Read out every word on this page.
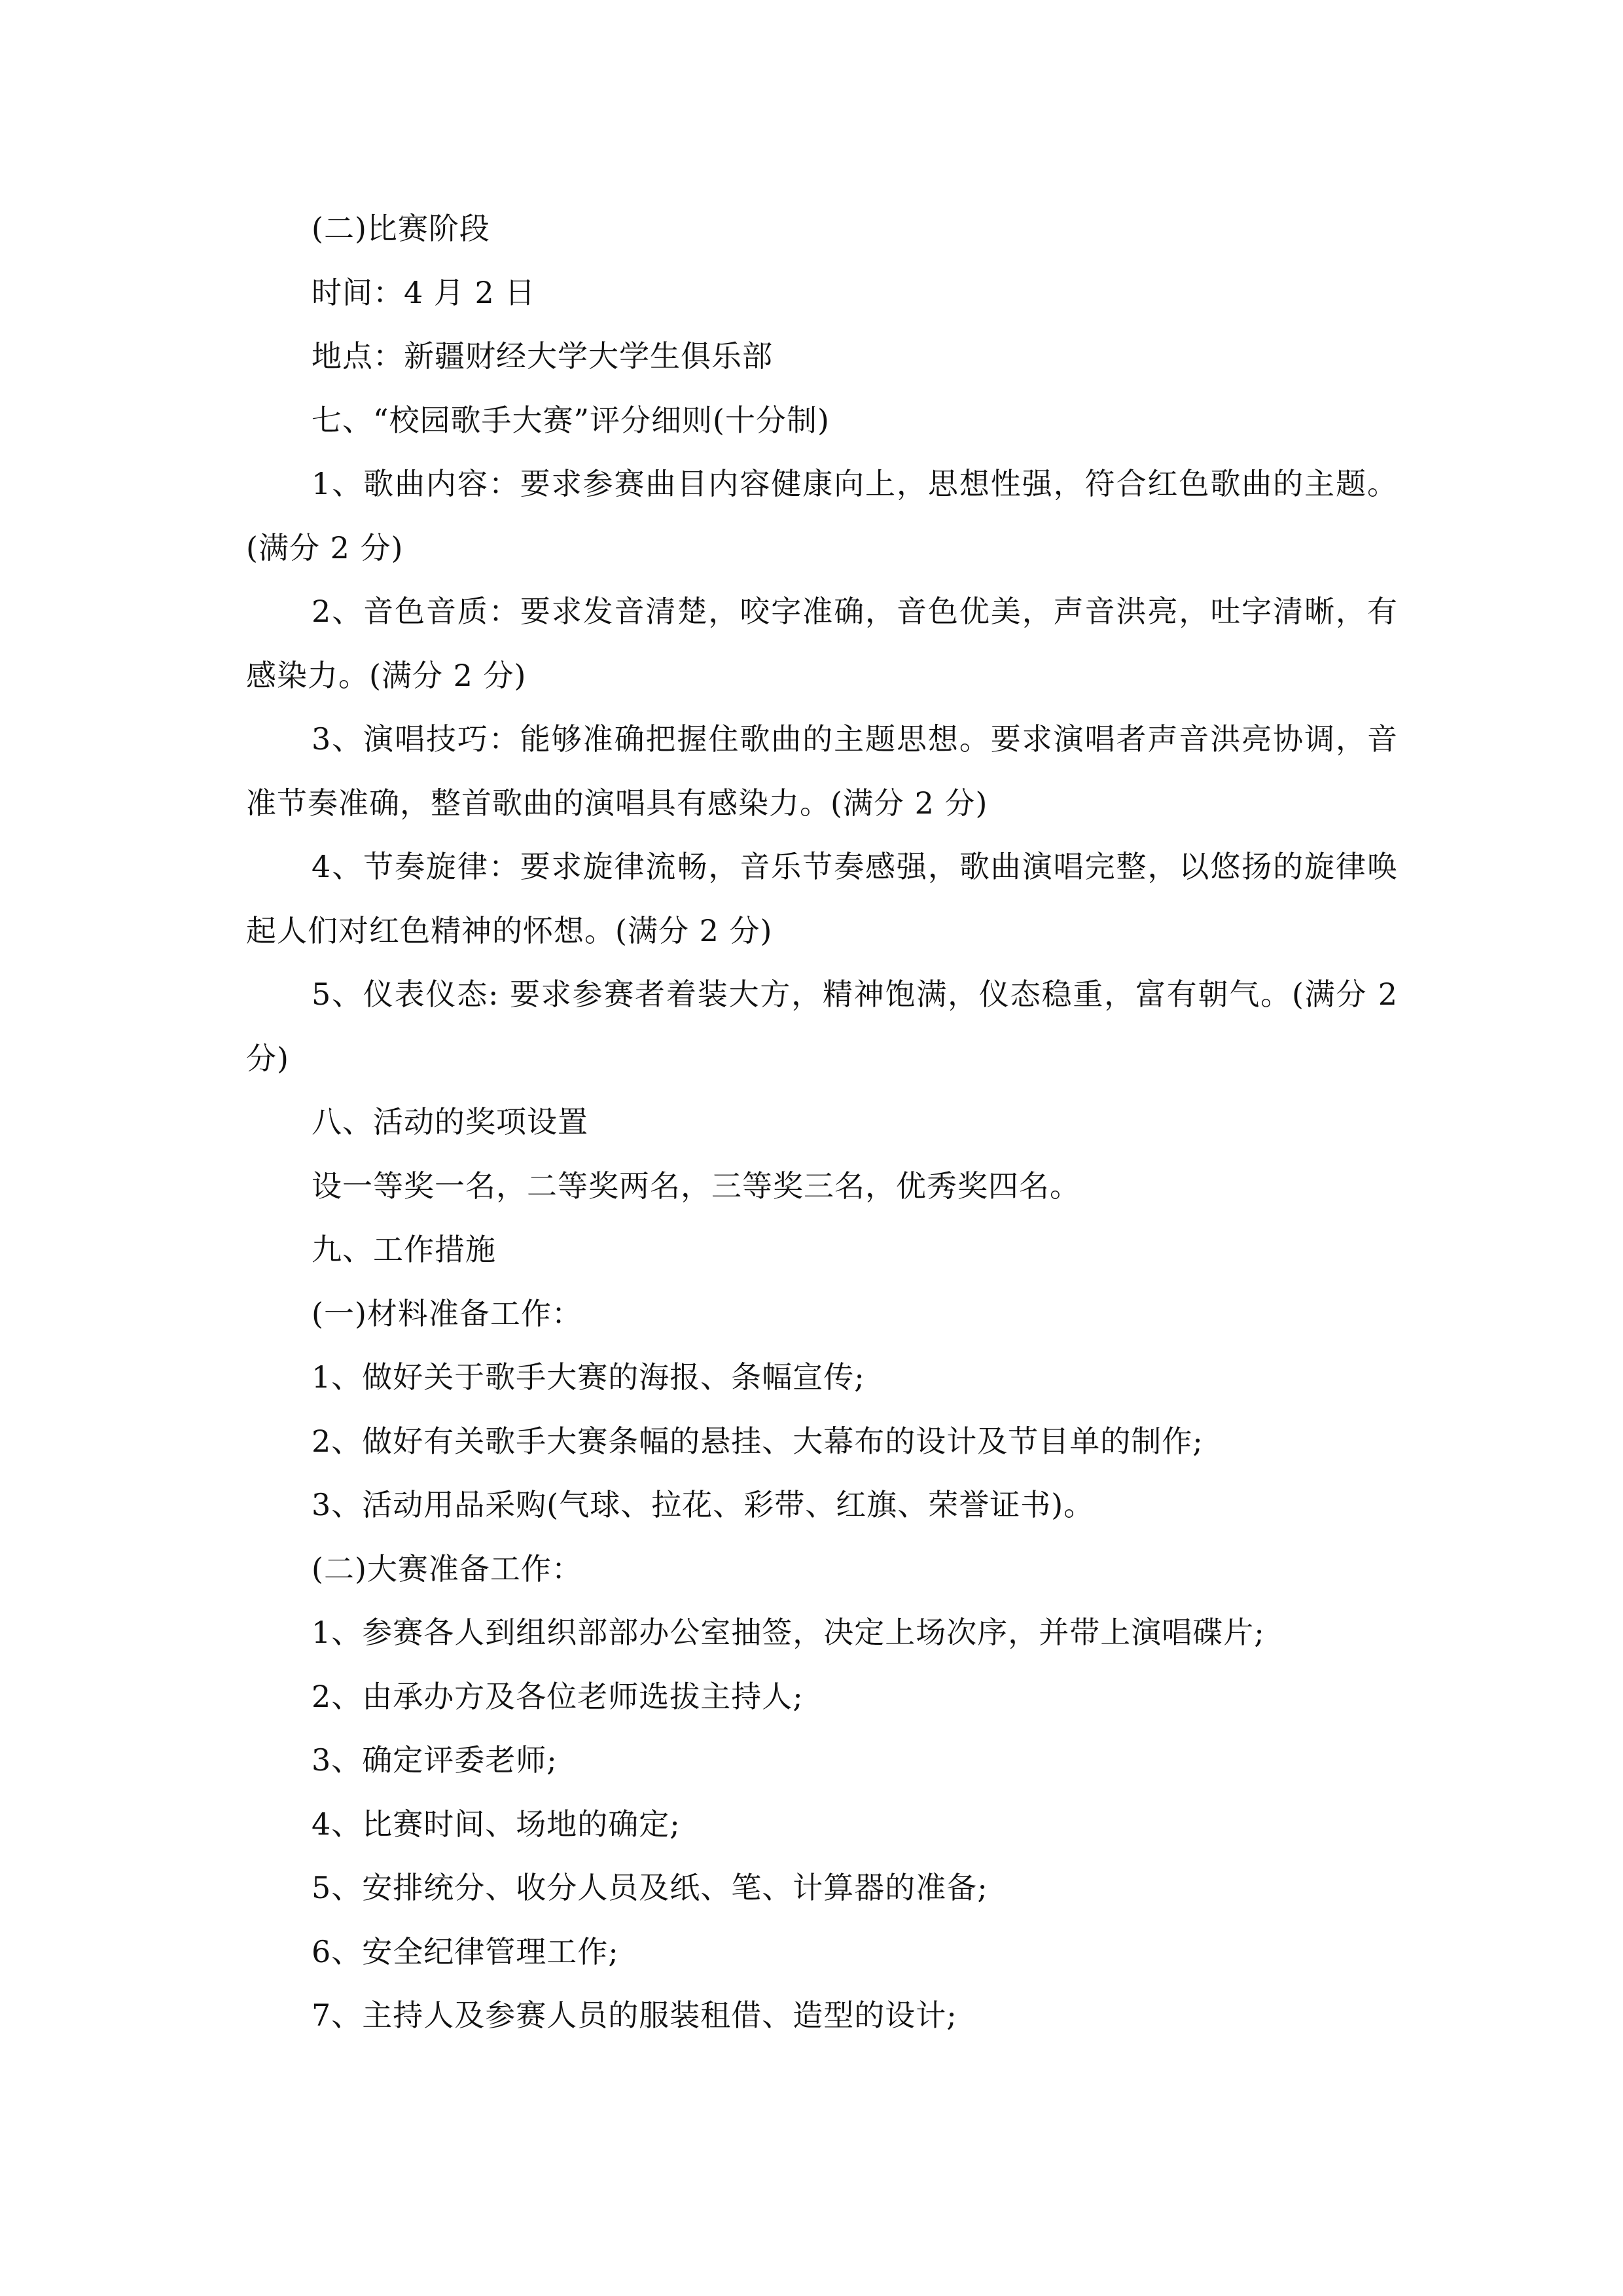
(二)比赛阶段

时间：4 月 2 日

地点：新疆财经大学大学生俱乐部

七、“校园歌手大赛”评分细则(十分制)

1、歌曲内容：要求参赛曲目内容健康向上，思想性强，符合红色歌曲的主题。(满分 2 分)

2、音色音质：要求发音清楚，咬字准确，音色优美，声音洪亮，吐字清晰，有感染力。(满分 2 分)

3、演唱技巧：能够准确把握住歌曲的主题思想。要求演唱者声音洪亮协调，音准节奏准确，整首歌曲的演唱具有感染力。(满分 2 分)

4、节奏旋律：要求旋律流畅，音乐节奏感强，歌曲演唱完整，以悠扬的旋律唤起人们对红色精神的怀想。(满分 2 分)

5、仪表仪态: 要求参赛者着装大方，精神饱满，仪态稳重，富有朝气。(满分 2 分)

八、活动的奖项设置

设一等奖一名，二等奖两名，三等奖三名，优秀奖四名。

九、工作措施

(一)材料准备工作：

1、做好关于歌手大赛的海报、条幅宣传;

2、做好有关歌手大赛条幅的悬挂、大幕布的设计及节目单的制作;

3、活动用品采购(气球、拉花、彩带、红旗、荣誉证书)。

(二)大赛准备工作：

1、参赛各人到组织部部办公室抽签，决定上场次序，并带上演唱碟片;

2、由承办方及各位老师选拔主持人;

3、确定评委老师;

4、比赛时间、场地的确定;

5、安排统分、收分人员及纸、笔、计算器的准备;

6、安全纪律管理工作;

7、主持人及参赛人员的服装租借、造型的设计;
